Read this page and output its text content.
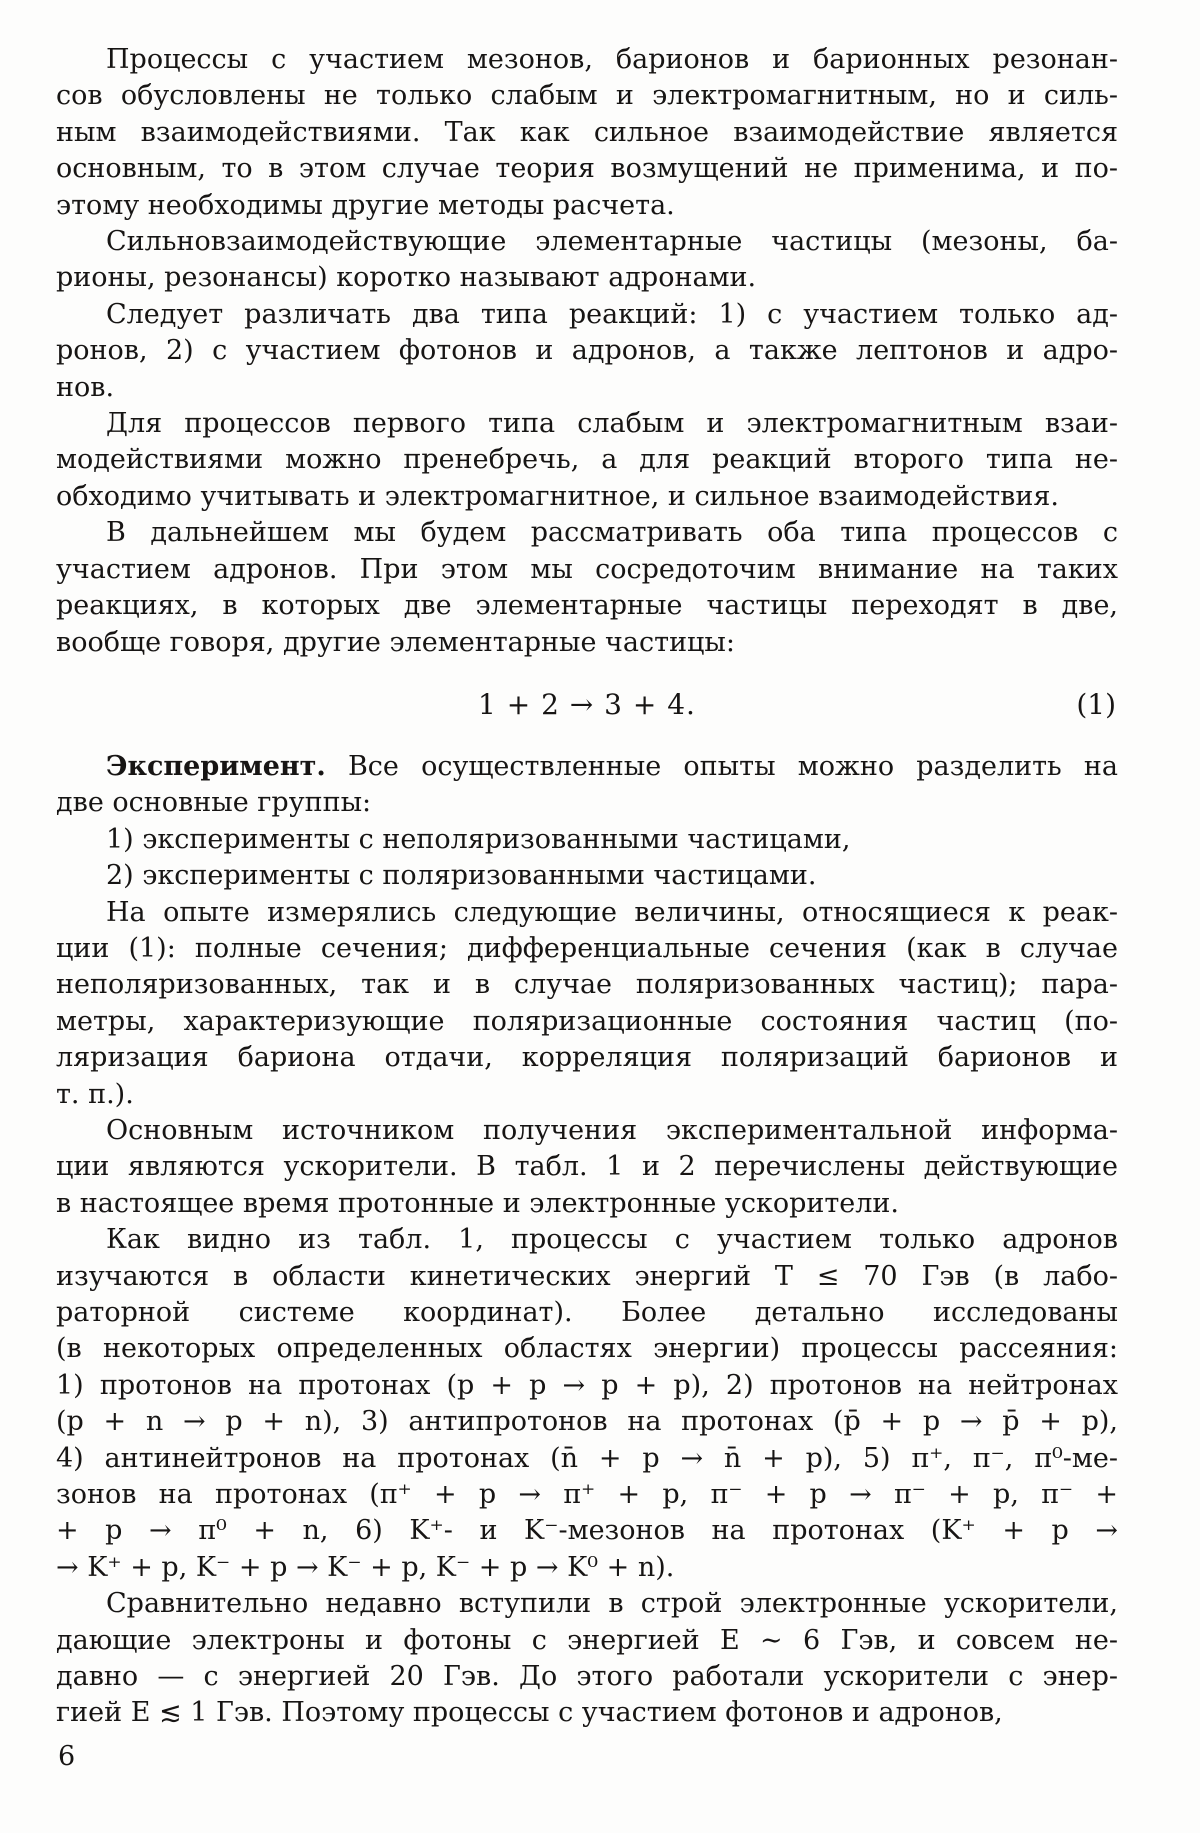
Процессы с участием мезонов, барионов и барионных резонан-
сов обусловлены не только слабым и электромагнитным, но и силь-
ным взаимодействиями. Так как сильное взаимодействие является
основным, то в этом случае теория возмущений не применима, и по-
этому необходимы другие методы расчета.
Сильновзаимодействующие элементарные частицы (мезоны, ба-
рионы, резонансы) коротко называют адронами.
Следует различать два типа реакций: 1) с участием только ад-
ронов, 2) с участием фотонов и адронов, а также лептонов и адро-
нов.
Для процессов первого типа слабым и электромагнитным взаи-
модействиями можно пренебречь, а для реакций второго типа не-
обходимо учитывать и электромагнитное, и сильное взаимодействия.
В дальнейшем мы будем рассматривать оба типа процессов с
участием адронов. При этом мы сосредоточим внимание на таких
реакциях, в которых две элементарные частицы переходят в две,
вообще говоря, другие элементарные частицы:
1 + 2 → 3 + 4.	(1)
Эксперимент. Все осуществленные опыты можно разделить на
две основные группы:
1) эксперименты с неполяризованными частицами,
2) эксперименты с поляризованными частицами.
На опыте измерялись следующие величины, относящиеся к реак-
ции (1): полные сечения; дифференциальные сечения (как в случае
неполяризованных, так и в случае поляризованных частиц); пара-
метры, характеризующие поляризационные состояния частиц (по-
ляризация бариона отдачи, корреляция поляризаций барионов и
т. п.).
Основным источником получения экспериментальной информа-
ции являются ускорители. В табл. 1 и 2 перечислены действующие
в настоящее время протонные и электронные ускорители.
Как видно из табл. 1, процессы с участием только адронов
изучаются в области кинетических энергий T ≤ 70 Гэв (в лабо-
раторной системе координат). Более детально исследованы
(в некоторых определенных областях энергии) процессы рассеяния:
1) протонов на протонах (p + p → p + p), 2) протонов на нейтронах
(p + n → p + n), 3) антипротонов на протонах (p̄ + p → p̄ + p),
4) антинейтронов на протонах (n̄ + p → n̄ + p), 5) π⁺, π⁻, π⁰-ме-
зонов на протонах (π⁺ + p → π⁺ + p, π⁻ + p → π⁻ + p, π⁻ +
+ p → π⁰ + n, 6) K⁺- и K⁻-мезонов на протонах (K⁺ + p →
→ K⁺ + p, K⁻ + p → K⁻ + p, K⁻ + p → K⁰ + n).
Сравнительно недавно вступили в строй электронные ускорители,
дающие электроны и фотоны с энергией E ∼ 6 Гэв, и совсем не-
давно — с энергией 20 Гэв. До этого работали ускорители с энер-
гией E ≲ 1 Гэв. Поэтому процессы с участием фотонов и адронов,
6
